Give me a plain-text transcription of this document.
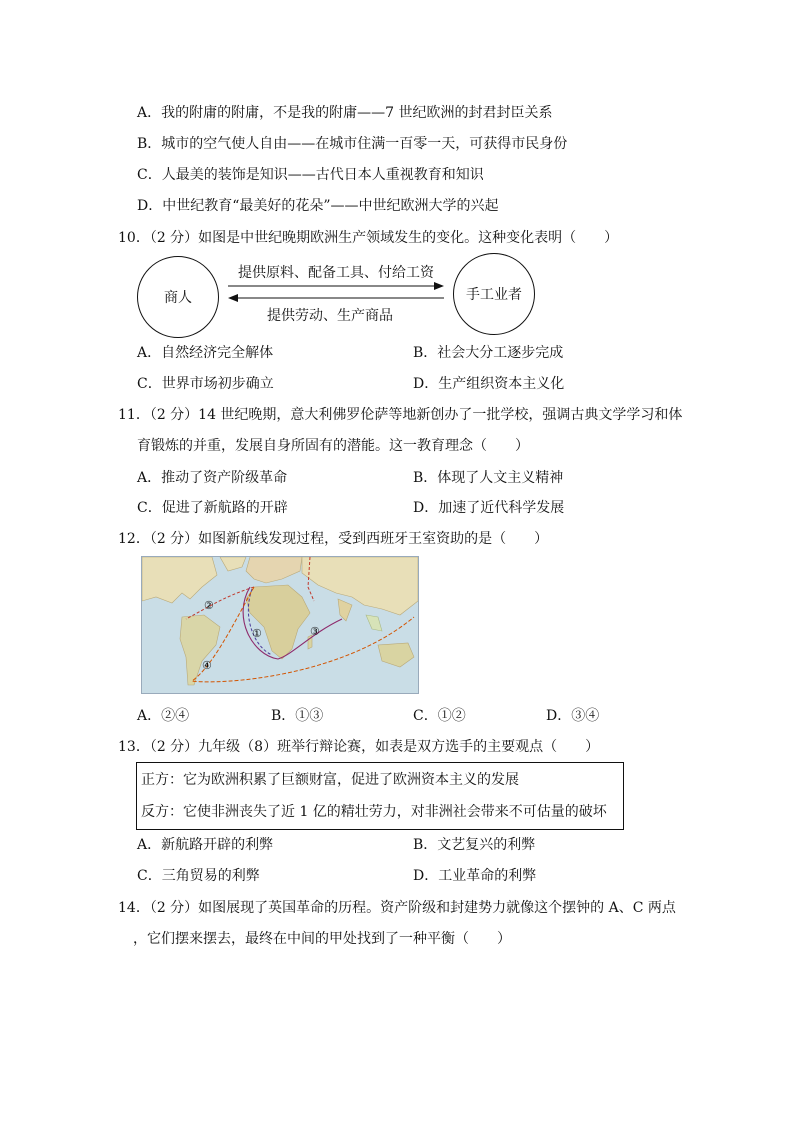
A．我的附庸的附庸，不是我的附庸——7 世纪欧洲的封君封臣关系
B．城市的空气使人自由——在城市住满一百零一天，可获得市民身份
C．人最美的装饰是知识——古代日本人重视教育和知识
D．中世纪教育“最美好的花朵”——中世纪欧洲大学的兴起
10．（2 分）如图是中世纪晚期欧洲生产领域发生的变化。这种变化表明（　　）
商人	手工业者
提供原料、配备工具、付给工资
提供劳动、生产商品
A．自然经济完全解体	B．社会大分工逐步完成
C．世界市场初步确立	D．生产组织资本主义化
11．（2 分）14 世纪晚期，意大利佛罗伦萨等地新创办了一批学校，强调古典文学学习和体
育锻炼的并重，发展自身所固有的潜能。这一教育理念（　　）
A．推动了资产阶级革命	B．体现了人文主义精神
C．促进了新航路的开辟	D．加速了近代科学发展
12．（2 分）如图新航线发现过程，受到西班牙王室资助的是（　　）
②
①	③
④
A．②④	B．①③	C．①②	D．③④
13．（2 分）九年级（8）班举行辩论赛，如表是双方选手的主要观点（　　）
正方：它为欧洲积累了巨额财富，促进了欧洲资本主义的发展
反方：它使非洲丧失了近 1 亿的精壮劳力，对非洲社会带来不可估量的破坏
A．新航路开辟的利弊	B．文艺复兴的利弊
C．三角贸易的利弊	D．工业革命的利弊
14．（2 分）如图展现了英国革命的历程。资产阶级和封建势力就像这个摆钟的 A、C 两点
，它们摆来摆去，最终在中间的甲处找到了一种平衡（　　）
